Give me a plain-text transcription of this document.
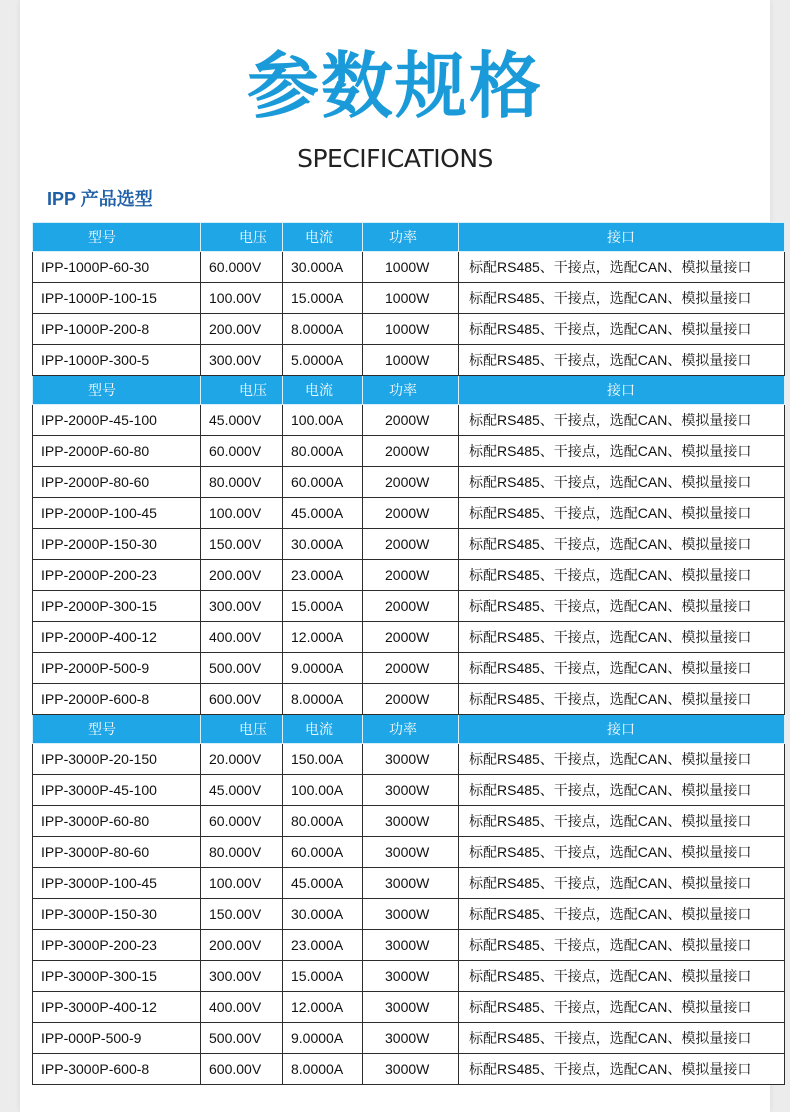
参数规格
SPECIFICATIONS
IPP 产品选型
型号	电压	电流	功率	接口
IPP-1000P-60-30	60.000V	30.000A	1000W	标配RS485、干接点，选配CAN、模拟量接口
IPP-1000P-100-15	100.00V	15.000A	1000W	标配RS485、干接点，选配CAN、模拟量接口
IPP-1000P-200-8	200.00V	8.0000A	1000W	标配RS485、干接点，选配CAN、模拟量接口
IPP-1000P-300-5	300.00V	5.0000A	1000W	标配RS485、干接点，选配CAN、模拟量接口
型号	电压	电流	功率	接口
IPP-2000P-45-100	45.000V	100.00A	2000W	标配RS485、干接点，选配CAN、模拟量接口
IPP-2000P-60-80	60.000V	80.000A	2000W	标配RS485、干接点，选配CAN、模拟量接口
IPP-2000P-80-60	80.000V	60.000A	2000W	标配RS485、干接点，选配CAN、模拟量接口
IPP-2000P-100-45	100.00V	45.000A	2000W	标配RS485、干接点，选配CAN、模拟量接口
IPP-2000P-150-30	150.00V	30.000A	2000W	标配RS485、干接点，选配CAN、模拟量接口
IPP-2000P-200-23	200.00V	23.000A	2000W	标配RS485、干接点，选配CAN、模拟量接口
IPP-2000P-300-15	300.00V	15.000A	2000W	标配RS485、干接点，选配CAN、模拟量接口
IPP-2000P-400-12	400.00V	12.000A	2000W	标配RS485、干接点，选配CAN、模拟量接口
IPP-2000P-500-9	500.00V	9.0000A	2000W	标配RS485、干接点，选配CAN、模拟量接口
IPP-2000P-600-8	600.00V	8.0000A	2000W	标配RS485、干接点，选配CAN、模拟量接口
型号	电压	电流	功率	接口
IPP-3000P-20-150	20.000V	150.00A	3000W	标配RS485、干接点，选配CAN、模拟量接口
IPP-3000P-45-100	45.000V	100.00A	3000W	标配RS485、干接点，选配CAN、模拟量接口
IPP-3000P-60-80	60.000V	80.000A	3000W	标配RS485、干接点，选配CAN、模拟量接口
IPP-3000P-80-60	80.000V	60.000A	3000W	标配RS485、干接点，选配CAN、模拟量接口
IPP-3000P-100-45	100.00V	45.000A	3000W	标配RS485、干接点，选配CAN、模拟量接口
IPP-3000P-150-30	150.00V	30.000A	3000W	标配RS485、干接点，选配CAN、模拟量接口
IPP-3000P-200-23	200.00V	23.000A	3000W	标配RS485、干接点，选配CAN、模拟量接口
IPP-3000P-300-15	300.00V	15.000A	3000W	标配RS485、干接点，选配CAN、模拟量接口
IPP-3000P-400-12	400.00V	12.000A	3000W	标配RS485、干接点，选配CAN、模拟量接口
IPP-000P-500-9	500.00V	9.0000A	3000W	标配RS485、干接点，选配CAN、模拟量接口
IPP-3000P-600-8	600.00V	8.0000A	3000W	标配RS485、干接点，选配CAN、模拟量接口
